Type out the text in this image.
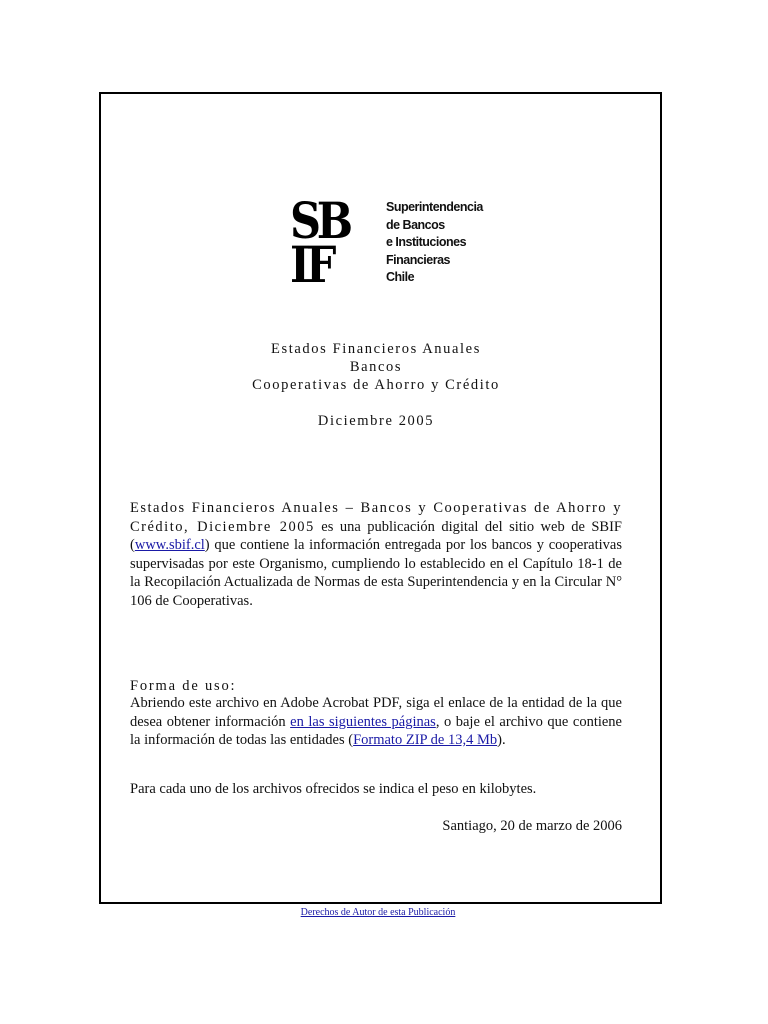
SB
IF
Superintendencia
de Bancos
e Instituciones
Financieras
Chile
Estados Financieros Anuales
Bancos
Cooperativas de Ahorro y Crédito
Diciembre 2005
Estados Financieros Anuales – Bancos y Cooperativas de Ahorro y Crédito, Diciembre 2005 es una publicación digital del sitio web de SBIF (www.sbif.cl) que contiene la información entregada por los bancos y cooperativas supervisadas por este Organismo, cumpliendo lo establecido en el Capítulo 18-1 de la Recopilación Actualizada de Normas de esta Superintendencia y en la Circular N° 106 de Cooperativas.
Forma de uso:
Abriendo este archivo en Adobe Acrobat PDF, siga el enlace de la entidad de la que desea obtener información en las siguientes páginas, o baje el archivo que contiene la información de todas las entidades (Formato ZIP de 13,4 Mb).
Para cada uno de los archivos ofrecidos se indica el peso en kilobytes.
Santiago, 20 de marzo de 2006
Derechos de Autor de esta Publicación
